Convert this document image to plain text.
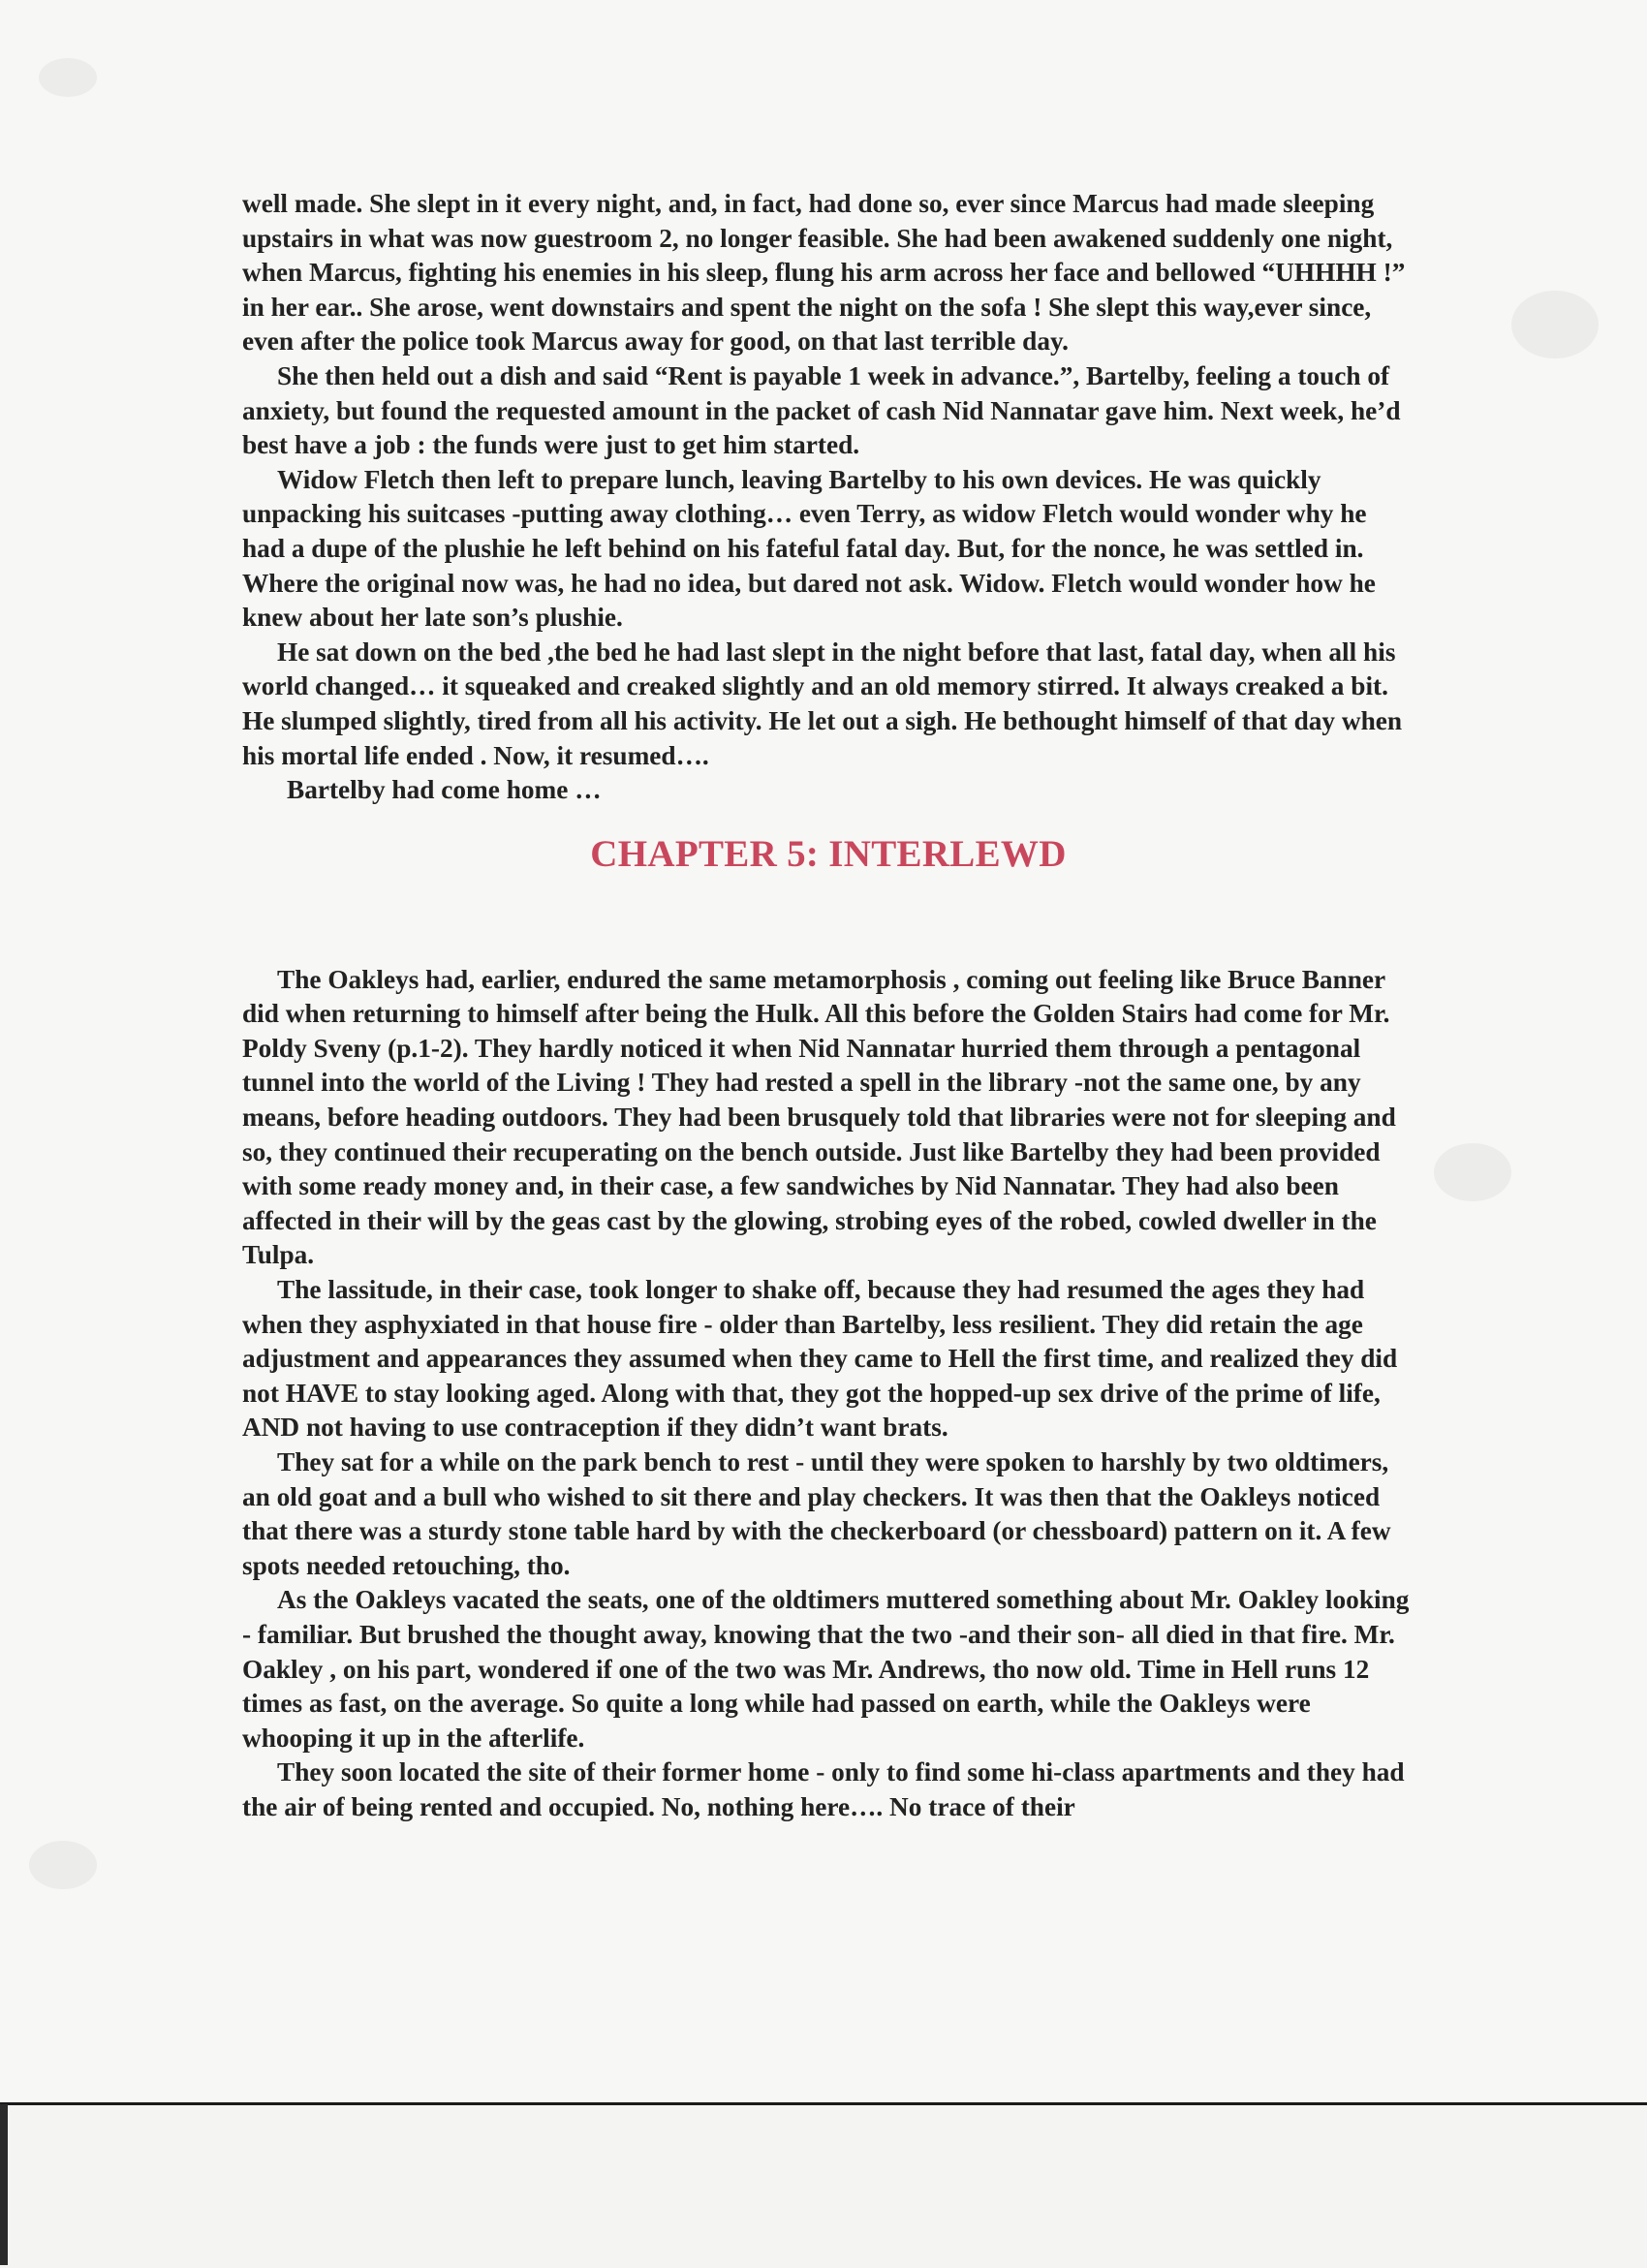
well made. She slept in it every night, and, in fact, had done so, ever since Marcus had made sleeping upstairs in what was now guestroom 2, no longer feasible. She had been awakened suddenly one night, when Marcus, fighting his enemies in his sleep, flung his arm across her face and bellowed “UHHHH !” in her ear.. She arose, went downstairs and spent the night on the sofa ! She slept this way,ever since, even after the police took Marcus away for good, on that last terrible day.

She then held out a dish and said “Rent is payable 1 week in advance.”, Bartelby, feeling a touch of anxiety, but found the requested amount in the packet of cash Nid Nannatar gave him. Next week, he’d best have a job : the funds were just to get him started.

Widow Fletch then left to prepare lunch, leaving Bartelby to his own devices. He was quickly unpacking his suitcases -putting away clothing… even Terry, as widow Fletch would wonder why he had a dupe of the plushie he left behind on his fateful fatal day. But, for the nonce, he was settled in. Where the original now was, he had no idea, but dared not ask. Widow. Fletch would wonder how he knew about her late son’s plushie.

He sat down on the bed ,the bed he had last slept in the night before that last, fatal day, when all his world changed… it squeaked and creaked slightly and an old memory stirred. It always creaked a bit. He slumped slightly, tired from all his activity. He let out a sigh. He bethought himself of that day when his mortal life ended . Now, it resumed….

Bartelby had come home …

CHAPTER 5: INTERLEWD

The Oakleys had, earlier, endured the same metamorphosis , coming out feeling like Bruce Banner did when returning to himself after being the Hulk. All this before the Golden Stairs had come for Mr. Poldy Sveny (p.1-2). They hardly noticed it when Nid Nannatar hurried them through a pentagonal tunnel into the world of the Living ! They had rested a spell in the library -not the same one, by any means, before heading outdoors. They had been brusquely told that libraries were not for sleeping and so, they continued their recuperating on the bench outside. Just like Bartelby they had been provided with some ready money and, in their case, a few sandwiches by Nid Nannatar. They had also been affected in their will by the geas cast by the glowing, strobing eyes of the robed, cowled dweller in the Tulpa.

The lassitude, in their case, took longer to shake off, because they had resumed the ages they had when they asphyxiated in that house fire - older than Bartelby, less resilient. They did retain the age adjustment and appearances they assumed when they came to Hell the first time, and realized they did not HAVE to stay looking aged. Along with that, they got the hopped-up sex drive of the prime of life, AND not having to use contraception if they didn’t want brats.

They sat for a while on the park bench to rest - until they were spoken to harshly by two oldtimers, an old goat and a bull who wished to sit there and play checkers. It was then that the Oakleys noticed that there was a sturdy stone table hard by with the checkerboard (or chessboard) pattern on it. A few spots needed retouching, tho.

As the Oakleys vacated the seats, one of the oldtimers muttered something about Mr. Oakley looking - familiar. But brushed the thought away, knowing that the two -and their son- all died in that fire. Mr. Oakley , on his part, wondered if one of the two was Mr. Andrews, tho now old. Time in Hell runs 12 times as fast, on the average. So quite a long while had passed on earth, while the Oakleys were whooping it up in the afterlife.

They soon located the site of their former home - only to find some hi-class apartments and they had the air of being rented and occupied. No, nothing here…. No trace of their
